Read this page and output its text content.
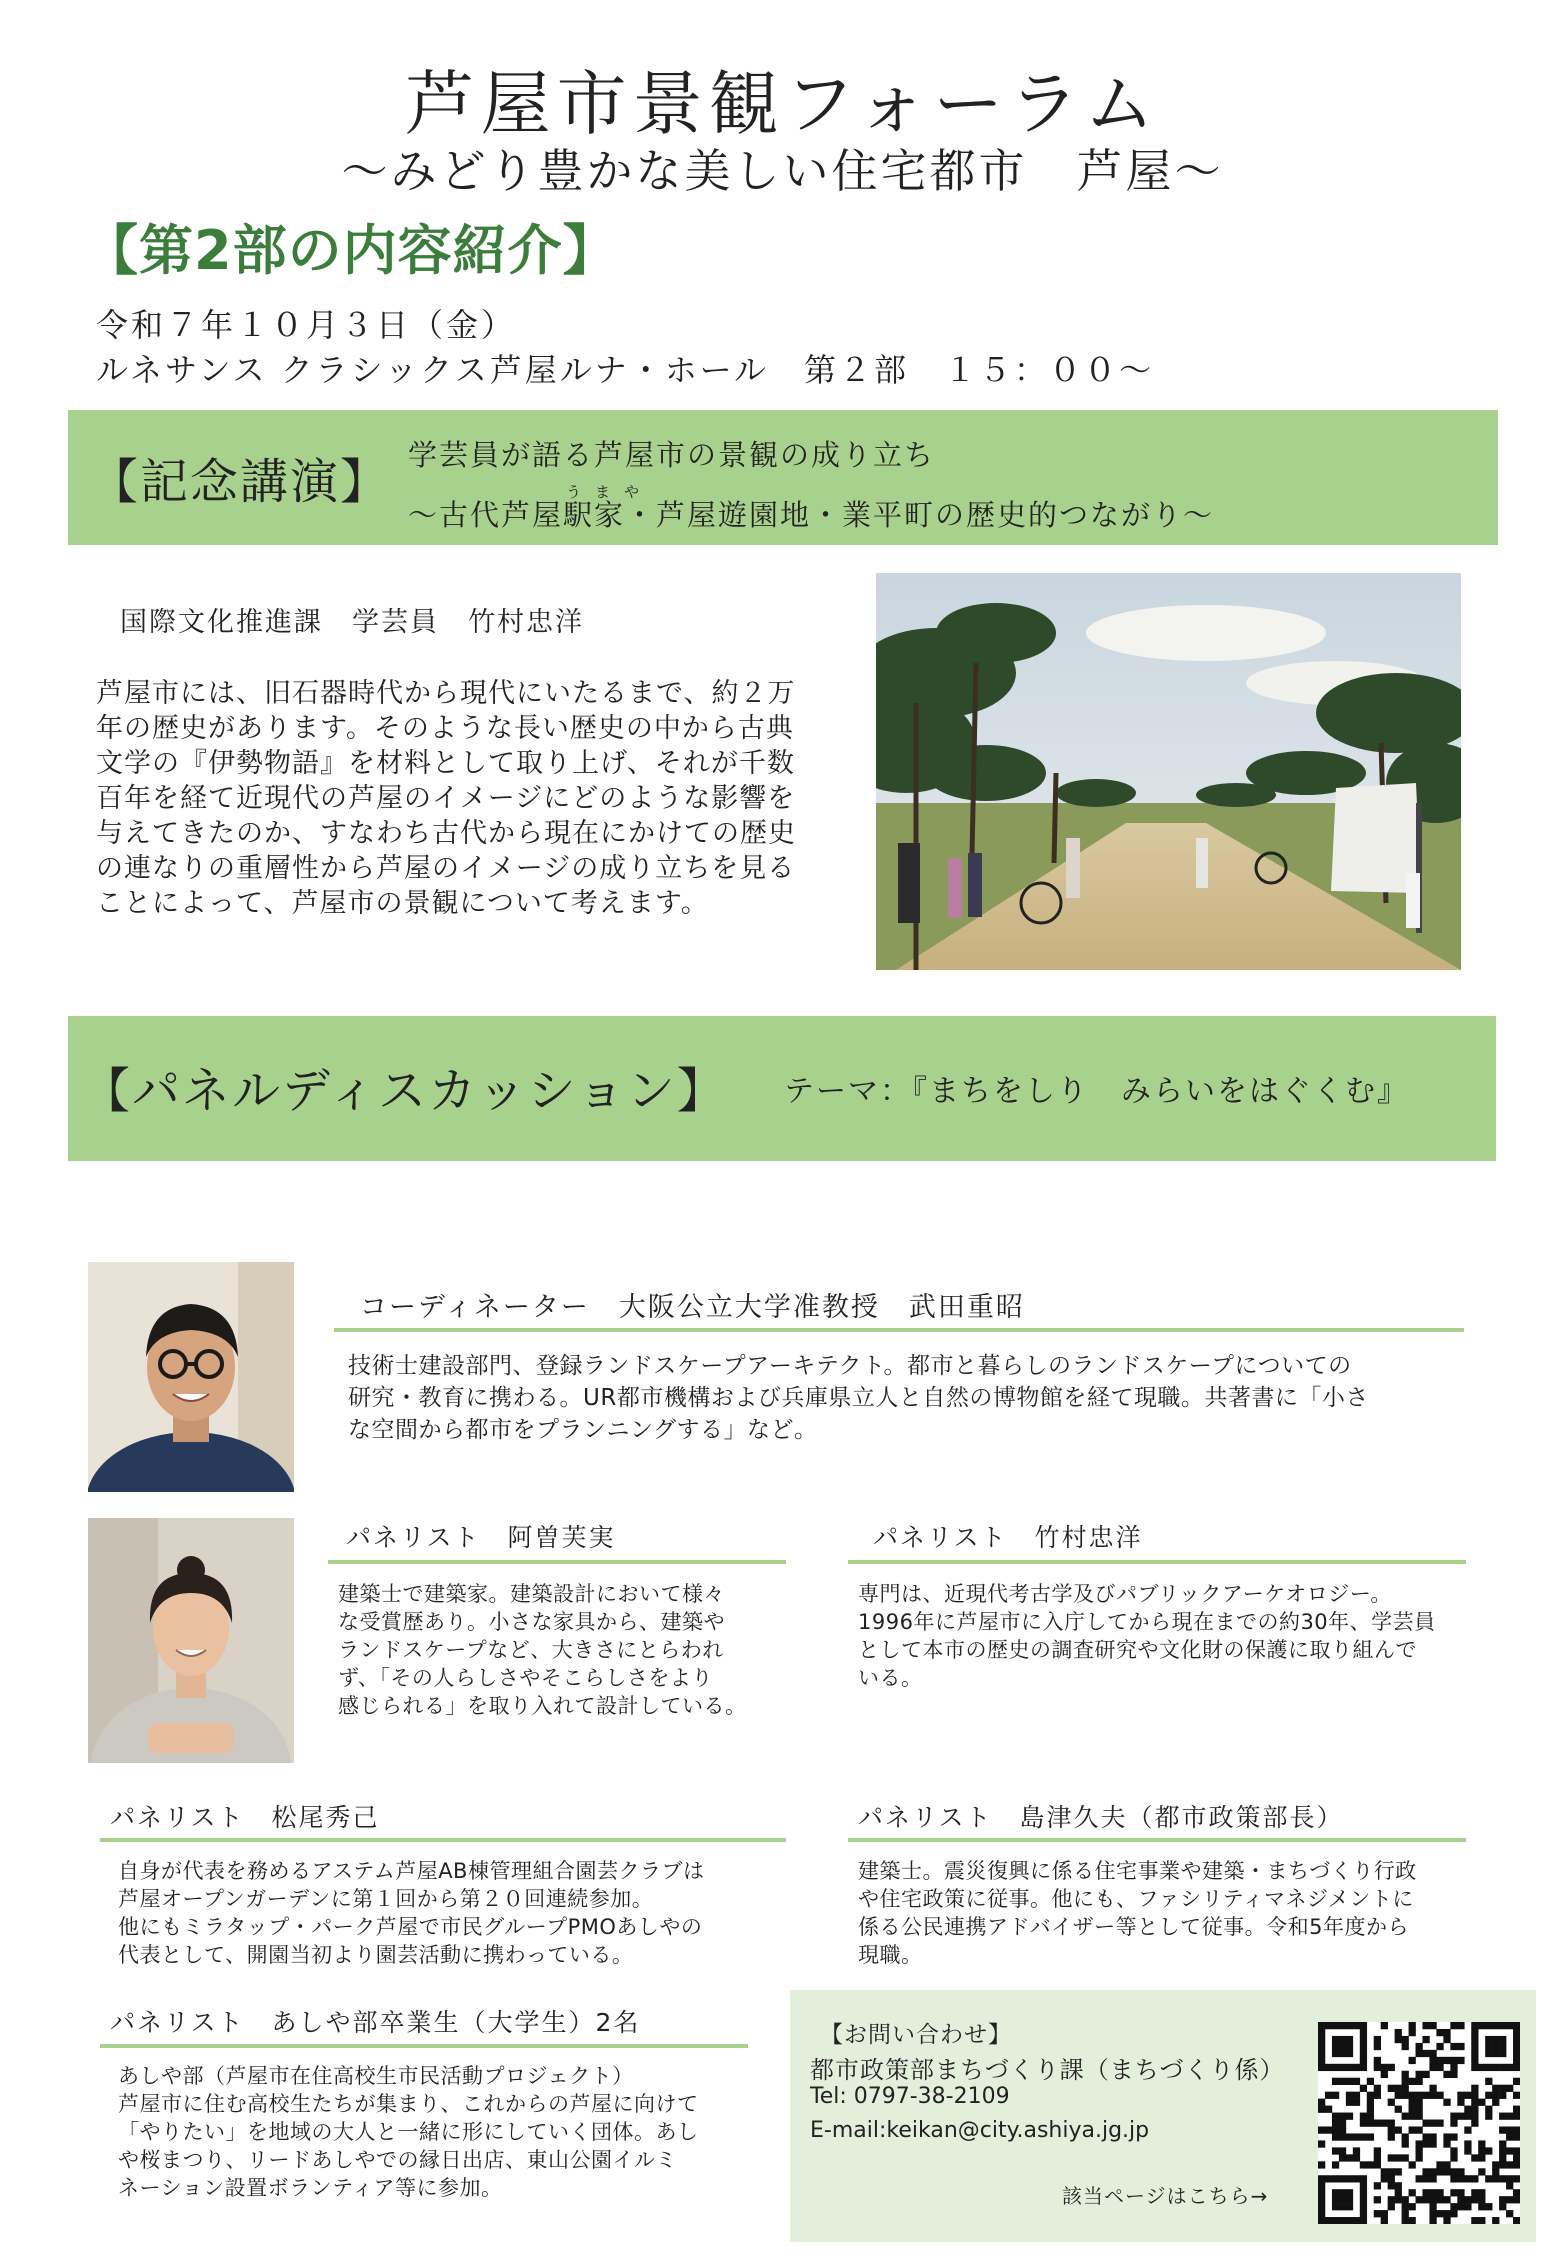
芦屋市景観フォーラム
～みどり豊かな美しい住宅都市　芦屋～
【第2部の内容紹介】
令和７年１０月３日（金）
ルネサンス クラシックス芦屋ルナ・ホール　第２部　１５：００～
【記念講演】 学芸員が語る芦屋市の景観の成り立ち
うまや
～古代芦屋駅家・芦屋遊園地・業平町の歴史的つながり～
国際文化推進課　学芸員　竹村忠洋
芦屋市には、旧石器時代から現代にいたるまで、約２万
年の歴史があります。そのような長い歴史の中から古典
文学の『伊勢物語』を材料として取り上げ、それが千数
百年を経て近現代の芦屋のイメージにどのような影響を
与えてきたのか、すなわち古代から現在にかけての歴史
の連なりの重層性から芦屋のイメージの成り立ちを見る
ことによって、芦屋市の景観について考えます。
【パネルディスカッション】 テーマ：『まちをしり　みらいをはぐくむ』
コーディネーター　大阪公立大学准教授　武田重昭
技術士建設部門、登録ランドスケープアーキテクト。都市と暮らしのランドスケープについての
研究・教育に携わる。UR都市機構および兵庫県立人と自然の博物館を経て現職。共著書に「小さ
な空間から都市をプランニングする」など。
パネリスト　阿曽芙実
建築士で建築家。建築設計において様々
な受賞歴あり。小さな家具から、建築や
ランドスケープなど、大きさにとらわれ
ず、「その人らしさやそこらしさをより
感じられる」を取り入れて設計している。
パネリスト　竹村忠洋
専門は、近現代考古学及びパブリックアーケオロジー。
1996年に芦屋市に入庁してから現在までの約30年、学芸員
として本市の歴史の調査研究や文化財の保護に取り組んで
いる。
パネリスト　松尾秀己
自身が代表を務めるアステム芦屋AB棟管理組合園芸クラブは
芦屋オープンガーデンに第１回から第２０回連続参加。
他にもミラタップ・パーク芦屋で市民グループPMOあしやの
代表として、開園当初より園芸活動に携わっている。
パネリスト　島津久夫（都市政策部長）
建築士。震災復興に係る住宅事業や建築・まちづくり行政
や住宅政策に従事。他にも、ファシリティマネジメントに
係る公民連携アドバイザー等として従事。令和5年度から
現職。
パネリスト　あしや部卒業生（大学生）2名
あしや部（芦屋市在住高校生市民活動プロジェクト）
芦屋市に住む高校生たちが集まり、これからの芦屋に向けて
「やりたい」を地域の大人と一緒に形にしていく団体。あし
や桜まつり、リードあしやでの縁日出店、東山公園イルミ
ネーション設置ボランティア等に参加。
【お問い合わせ】
都市政策部まちづくり課（まちづくり係）
Tel: 0797-38-2109
E-mail:keikan@city.ashiya.jg.jp
該当ページはこちら→
